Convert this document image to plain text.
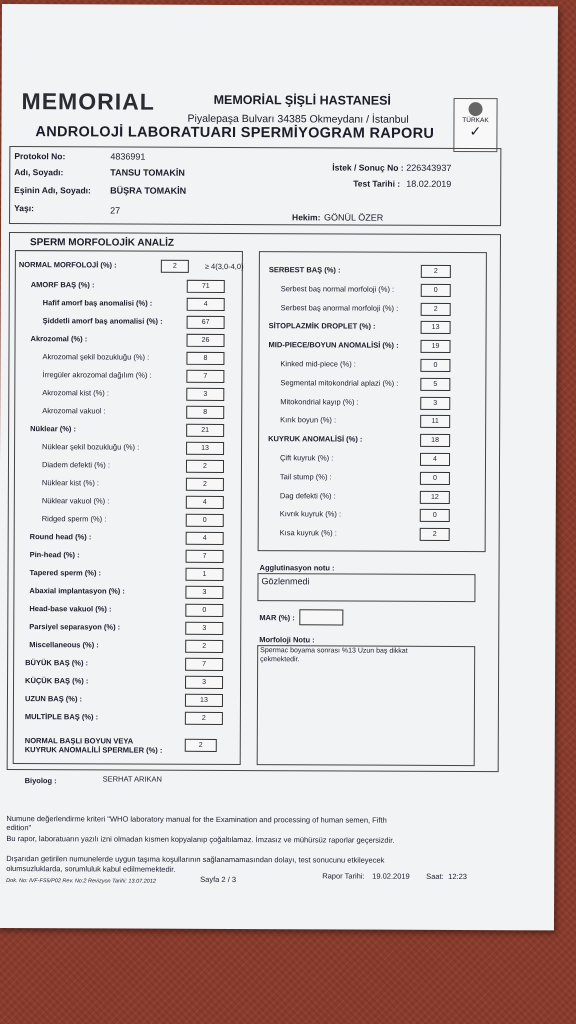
MEMORIAL	MEMORİAL ŞİŞLİ HASTANESİ
Piyalepaşa Bulvarı 34385 Okmeydanı / İstanbul
ANDROLOJİ LABORATUARI SPERMİYOGRAM RAPORU
TÜRKAK
✓
Protokol No:	4836991
Adı, Soyadı:	TANSU TOMAKİN
Eşinin Adı, Soyadı: BÜŞRA TOMAKİN
Yaşı:	27
İstek / Sonuç No : 226343937
Test Tarihi : 18.02.2019
Hekim: GÖNÜL ÖZER
SPERM MORFOLOJİK ANALİZ
NORMAL MORFOLOJİ (%) :	2	≥ 4(3,0-4,0)
AMORF BAŞ (%) :	71
Hafif amorf baş anomalisi (%) :	4
Şiddetli amorf baş anomalisi (%) :	67
Akrozomal (%) :	26
Akrozomal şekil bozukluğu (%) :	8
İrregüler akrozomal dağılım (%) :	7
Akrozomal kist (%) :	3
Akrozomal vakuol :	8
Nüklear (%) :	21
Nüklear şekil bozukluğu (%) :	13
Diadem defekti (%) :	2
Nüklear kist (%) :	2
Nüklear vakuol (%) :	4
Ridged sperm (%) :	0
Round head (%) :	4
Pin-head (%) :	7
Tapered sperm (%) :	1
Abaxial implantasyon (%) :	3
Head-base vakuol (%) :	0
Parsiyel separasyon (%) :	3
Miscellaneous (%) :	2
BÜYÜK BAŞ (%) :	7
KÜÇÜK BAŞ (%) :	3
UZUN BAŞ (%) :	13
MULTİPLE BAŞ (%) :	2
NORMAL BAŞLI BOYUN VEYA
KUYRUK ANOMALİLİ SPERMLER (%) :	2
SERBEST BAŞ (%) :	2
Serbest baş normal morfoloji (%) :	0
Serbest baş anormal morfoloji (%) :	2
SİTOPLAZMİK DROPLET (%) :	13
MID-PIECE/BOYUN ANOMALİSİ (%) :	19
Kinked mid-piece (%) :	0
Segmental mitokondrial aplazi (%) :	5
Mitokondrial kayıp (%) :	3
Kırık boyun (%) :	11
KUYRUK ANOMALİSİ (%) :	18
Çift kuyruk (%) :	4
Tail stump (%) :	0
Dag defekti (%) :	12
Kıvrık kuyruk (%) :	0
Kısa kuyruk (%) :	2
Agglutinasyon notu :
Gözlenmedi
MAR (%) :
Morfoloji Notu :
Spermac boyama sonrası %13 Uzun baş dikkat
çekmektedir.
Biyolog :	SERHAT ARIKAN
Numune değerlendirme kriteri "WHO laboratory manual for the Examination and processing of human semen, Fifth
edition"
Bu rapor, laboratuarın yazılı izni olmadan kısmen kopyalanıp çoğaltılamaz. İmzasız ve mühürsüz raporlar geçersizdir.
Dışarıdan getirilen numunelerde uygun taşıma koşullarının sağlanamamasından dolayı, test sonucunu etkileyecek
olumsuzluklarda, sorumluluk kabul edilmemektedir.
Dok. No: IVF-FS5/P02 Rev. No:2 Revizyon Tarihi: 13.07.2012	Sayfa 2 / 3	Rapor Tarihi: 19.02.2019 Saat: 12:23
